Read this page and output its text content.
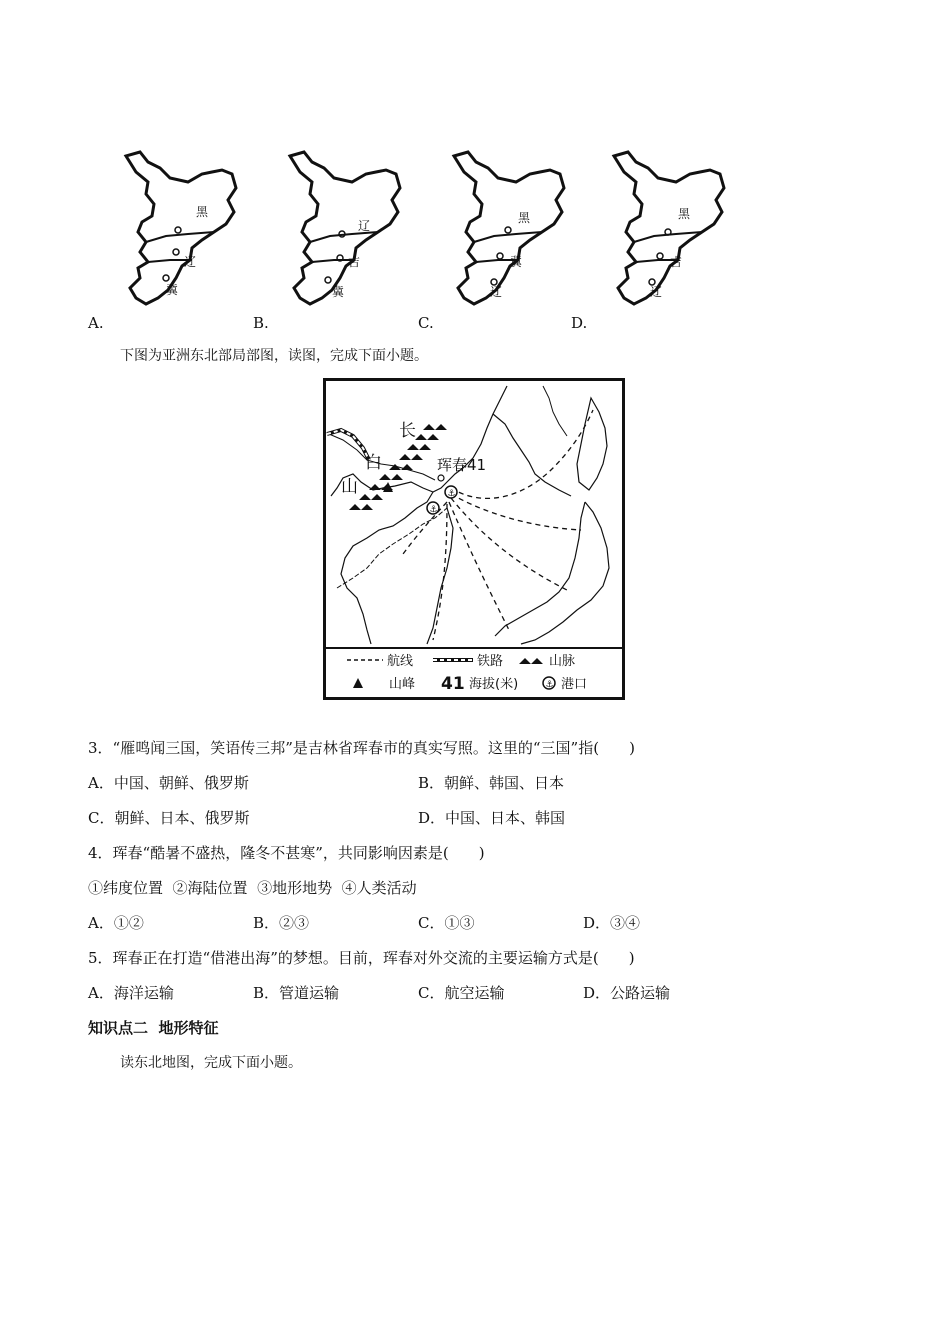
黑
辽
冀
辽
吉
冀
黑
冀
辽
黑
吉
辽
A.	B.	C.	D.
下图为亚洲东北部局部图，读图，完成下面小题。
⚓
⚓
珲春41
长
白
山
航线	铁路	山脉
山峰 41 海拔(米)	⚓ 港口
3．“雁鸣闻三国，笑语传三邦”是吉林省珲春市的真实写照。这里的“三国”指(　　)
A．中国、朝鲜、俄罗斯	B．朝鲜、韩国、日本
C．朝鲜、日本、俄罗斯	D．中国、日本、韩国
4．珲春“酷暑不盛热，隆冬不甚寒”，共同影响因素是(　　)
①纬度位置  ②海陆位置  ③地形地势  ④人类活动
A．①②	B．②③	C．①③	D．③④
5．珲春正在打造“借港出海”的梦想。目前，珲春对外交流的主要运输方式是(　　)
A．海洋运输	B．管道运输	C．航空运输	D．公路运输
知识点二  地形特征
读东北地图，完成下面小题。
